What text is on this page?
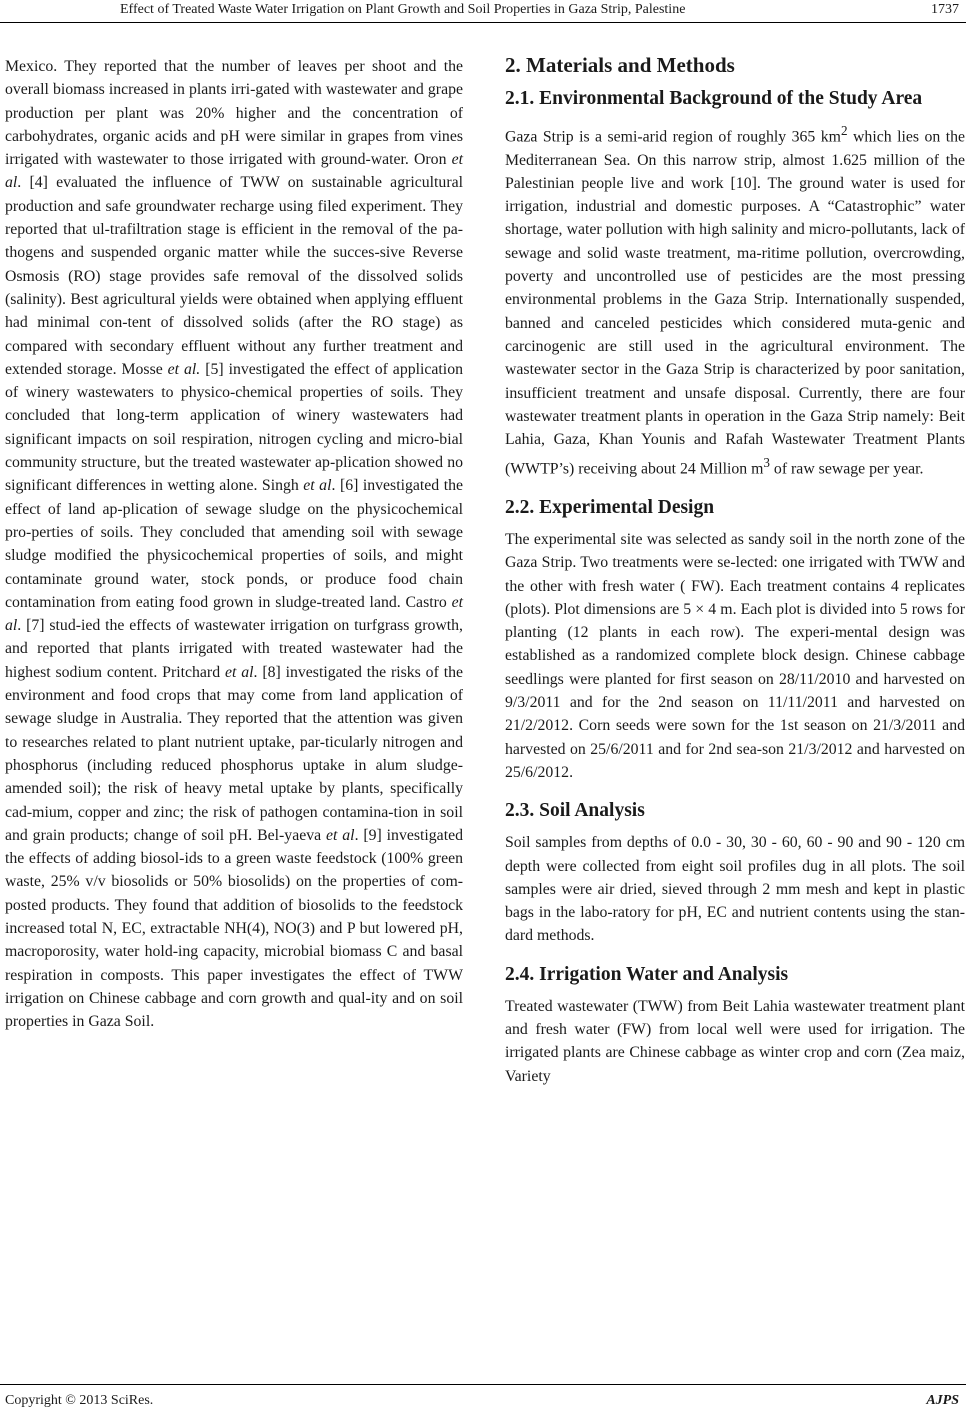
Effect of Treated Waste Water Irrigation on Plant Growth and Soil Properties in Gaza Strip, Palestine	1737

Mexico. They reported that the number of leaves per shoot and the overall biomass increased in plants irri-gated with wastewater and grape production per plant was 20% higher and the concentration of carbohydrates, organic acids and pH were similar in grapes from vines irrigated with wastewater to those irrigated with ground-water. Oron et al. [4] evaluated the influence of TWW on sustainable agricultural production and safe groundwater recharge using filed experiment. They reported that ul-trafiltration stage is efficient in the removal of the pa-thogens and suspended organic matter while the succes-sive Reverse Osmosis (RO) stage provides safe removal of the dissolved solids (salinity). Best agricultural yields were obtained when applying effluent had minimal con-tent of dissolved solids (after the RO stage) as compared with secondary effluent without any further treatment and extended storage. Mosse et al. [5] investigated the effect of application of winery wastewaters to physico-chemical properties of soils. They concluded that long-term application of winery wastewaters had significant impacts on soil respiration, nitrogen cycling and micro-bial community structure, but the treated wastewater ap-plication showed no significant differences in wetting alone. Singh et al. [6] investigated the effect of land ap-plication of sewage sludge on the physicochemical pro-perties of soils. They concluded that amending soil with sewage sludge modified the physicochemical properties of soils, and might contaminate ground water, stock ponds, or produce food chain contamination from eating food grown in sludge-treated land. Castro et al. [7] stud-ied the effects of wastewater irrigation on turfgrass growth, and reported that plants irrigated with treated wastewater had the highest sodium content. Pritchard et al. [8] investigated the risks of the environment and food crops that may come from land application of sewage sludge in Australia. They reported that the attention was given to researches related to plant nutrient uptake, par-ticularly nitrogen and phosphorus (including reduced phosphorus uptake in alum sludge-amended soil); the risk of heavy metal uptake by plants, specifically cad-mium, copper and zinc; the risk of pathogen contamina-tion in soil and grain products; change of soil pH. Bel-yaeva et al. [9] investigated the effects of adding biosol-ids to a green waste feedstock (100% green waste, 25% v/v biosolids or 50% biosolids) on the properties of com-posted products. They found that addition of biosolids to the feedstock increased total N, EC, extractable NH(4), NO(3) and P but lowered pH, macroporosity, water hold-ing capacity, microbial biomass C and basal respiration in composts. This paper investigates the effect of TWW irrigation on Chinese cabbage and corn growth and qual-ity and on soil properties in Gaza Soil.

2. Materials and Methods
2.1. Environmental Background of the Study Area

Gaza Strip is a semi-arid region of roughly 365 $km^2$ which lies on the Mediterranean Sea. On this narrow strip, almost 1.625 million of the Palestinian people live and work [10]. The ground water is used for irrigation, industrial and domestic purposes. A “Catastrophic” water shortage, water pollution with high salinity and micro-pollutants, lack of sewage and solid waste treatment, ma-ritime pollution, overcrowding, poverty and uncontrolled use of pesticides are the most pressing environmental problems in the Gaza Strip. Internationally suspended, banned and canceled pesticides which considered muta-genic and carcinogenic are still used in the agricultural environment. The wastewater sector in the Gaza Strip is characterized by poor sanitation, insufficient treatment and unsafe disposal. Currently, there are four wastewater treatment plants in operation in the Gaza Strip namely: Beit Lahia, Gaza, Khan Younis and Rafah Wastewater Treatment Plants (WWTP’s) receiving about 24 Million $m^3$ of raw sewage per year.

2.2. Experimental Design

The experimental site was selected as sandy soil in the north zone of the Gaza Strip. Two treatments were se-lected: one irrigated with TWW and the other with fresh water ( FW). Each treatment contains 4 replicates (plots). Plot dimensions are 5 × 4 m. Each plot is divided into 5 rows for planting (12 plants in each row). The experi-mental design was established as a randomized complete block design. Chinese cabbage seedlings were planted for first season on 28/11/2010 and harvested on 9/3/2011 and for the 2nd season on 11/11/2011 and harvested on 21/2/2012. Corn seeds were sown for the 1st season on 21/3/2011 and harvested on 25/6/2011 and for 2nd sea-son 21/3/2012 and harvested on 25/6/2012.

2.3. Soil Analysis

Soil samples from depths of 0.0 - 30, 30 - 60, 60 - 90 and 90 - 120 cm depth were collected from eight soil profiles dug in all plots. The soil samples were air dried, sieved through 2 mm mesh and kept in plastic bags in the labo-ratory for pH, EC and nutrient contents using the stan-dard methods.

2.4. Irrigation Water and Analysis

Treated wastewater (TWW) from Beit Lahia wastewater treatment plant and fresh water (FW) from local well were used for irrigation. The irrigated plants are Chinese cabbage as winter crop and corn (Zea maiz, Variety

Copyright © 2013 SciRes.	AJPS
